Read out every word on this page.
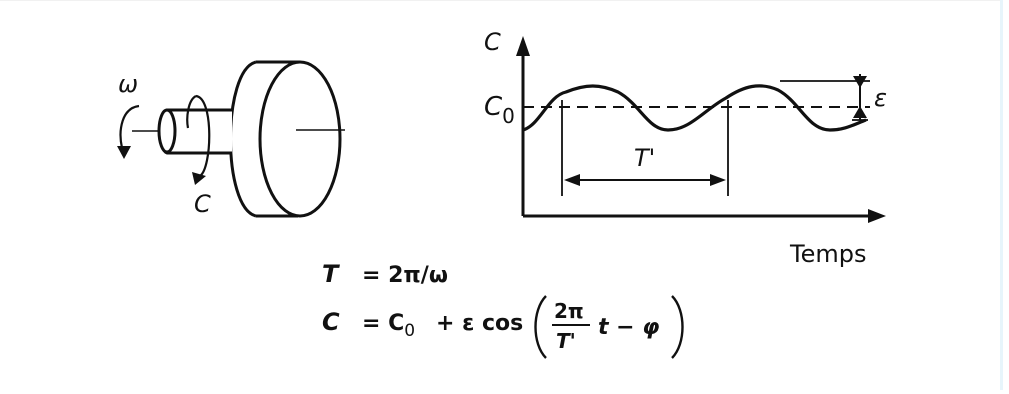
ω
C
C
$C_0$
ε
T'
Temps
T = 2π/ω
$C = C_0 + \varepsilon$ cos 2π
T'
t − φ
